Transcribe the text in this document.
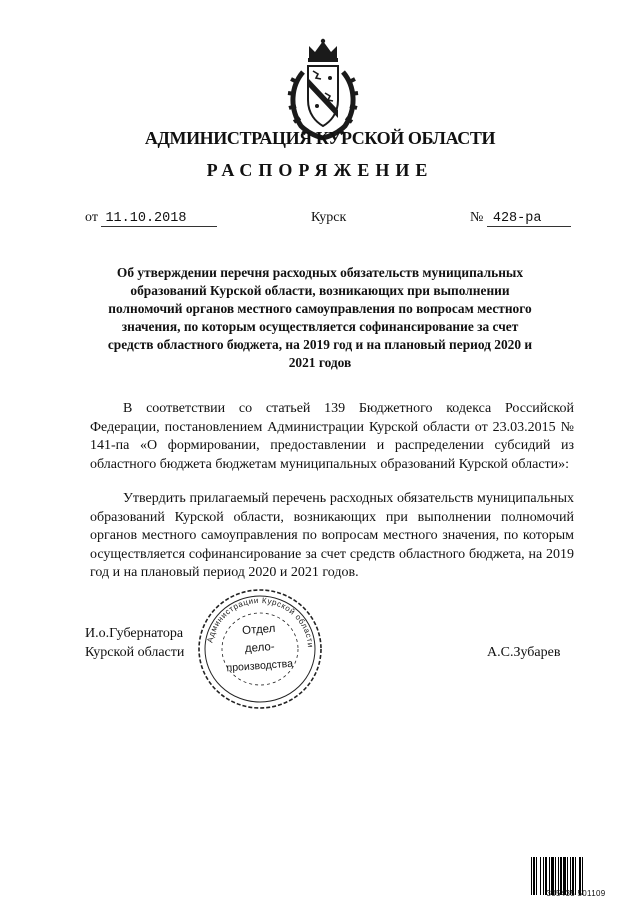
АДМИНИСТРАЦИЯ КУРСКОЙ ОБЛАСТИ
РАСПОРЯЖЕНИЕ
от 11.10.2018	Курск	№ 428-ра
Об утверждении перечня расходных обязательств муниципальных образований Курской области, возникающих при выполнении полномочий органов местного самоуправления по вопросам местного значения, по которым осуществляется софинансирование за счет средств областного бюджета, на 2019 год и на плановый период 2020 и 2021 годов
В соответствии со статьей 139 Бюджетного кодекса Российской Федерации, постановлением Администрации Курской области от 23.03.2015 № 141-па «О формировании, предоставлении и распределении субсидий из областного бюджета бюджетам муниципальных образований Курской области»:
Утвердить прилагаемый перечень расходных обязательств муниципальных образований Курской области, возникающих при выполнении полномочий органов местного самоуправления по вопросам местного значения, по которым осуществляется софинансирование за счет средств областного бюджета, на 2019 год и на плановый период 2020 и 2021 годов.
И.о.Губернатора
Курской области	А.С.Зубарев
Администрации Курской области
Отдел
дело-
производства
305435 501109
